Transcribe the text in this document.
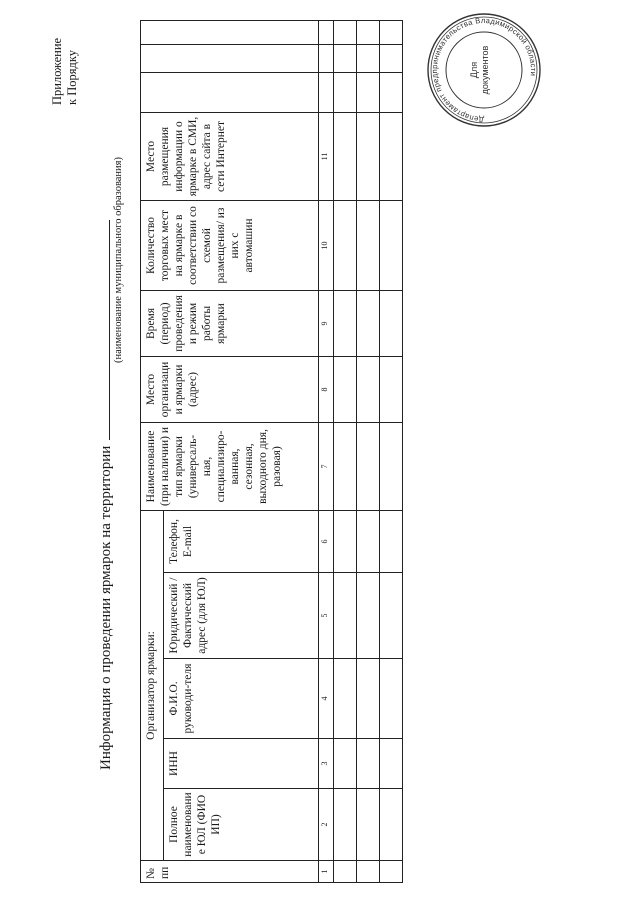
Приложение к Порядку
Информация о проведении ярмарок на территории
(наименование муниципального образования)
№ пп	Организатор ярмарки:					Наименование (при наличии) и тип ярмарки (универсаль-ная, специализиро-ванная, сезонная, выходного дня, разовая)	Место организации ярмарки (адрес)	Время (период) проведения и режим работы ярмарки	Количество торговых мест на ярмарке в соответствии со схемой размещения/ из них с автомашин	Место размещения информации о ярмарке в СМИ, адрес сайта в сети Интернет			
	Полное наименование ЮЛ (ФИО ИП)	ИНН	Ф.И.О. руководи-теля	Юридический /Фактический адрес (для ЮЛ)	Телефон, E-mail								
1	2	3	4	5	6	7	8	9	10	11			

Департамент предпринимательства Владимирской области
Для документов
